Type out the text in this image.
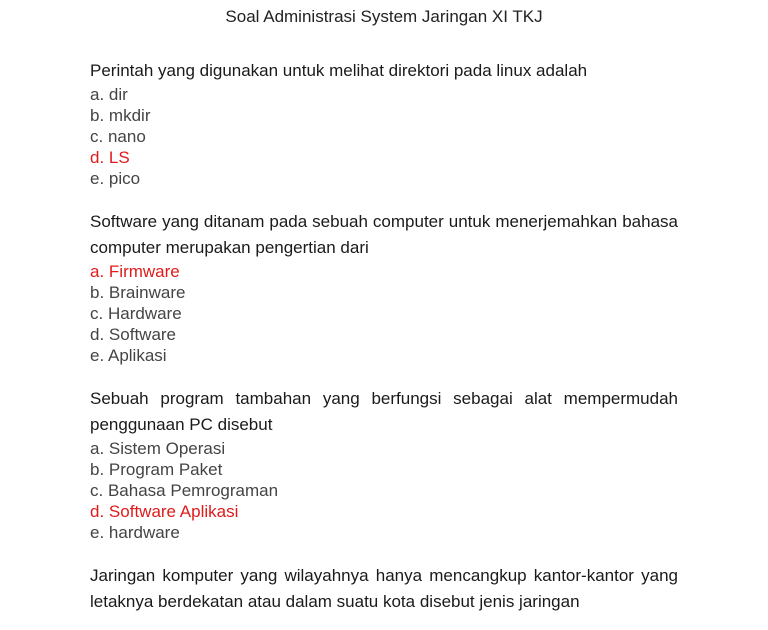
Soal Administrasi System Jaringan XI TKJ

Perintah yang digunakan untuk melihat direktori pada linux adalah

a. dir
b. mkdir
c. nano
d. LS
e. pico

Software yang ditanam pada sebuah computer untuk menerjemahkan bahasa computer merupakan pengertian dari

a. Firmware
b. Brainware
c. Hardware
d. Software
e. Aplikasi

Sebuah program tambahan yang berfungsi sebagai alat mempermudah penggunaan PC disebut

a. Sistem Operasi
b. Program Paket
c. Bahasa Pemrograman
d. Software Aplikasi
e. hardware

Jaringan komputer yang wilayahnya hanya mencangkup kantor-kantor yang letaknya berdekatan atau dalam suatu kota disebut jenis jaringan
